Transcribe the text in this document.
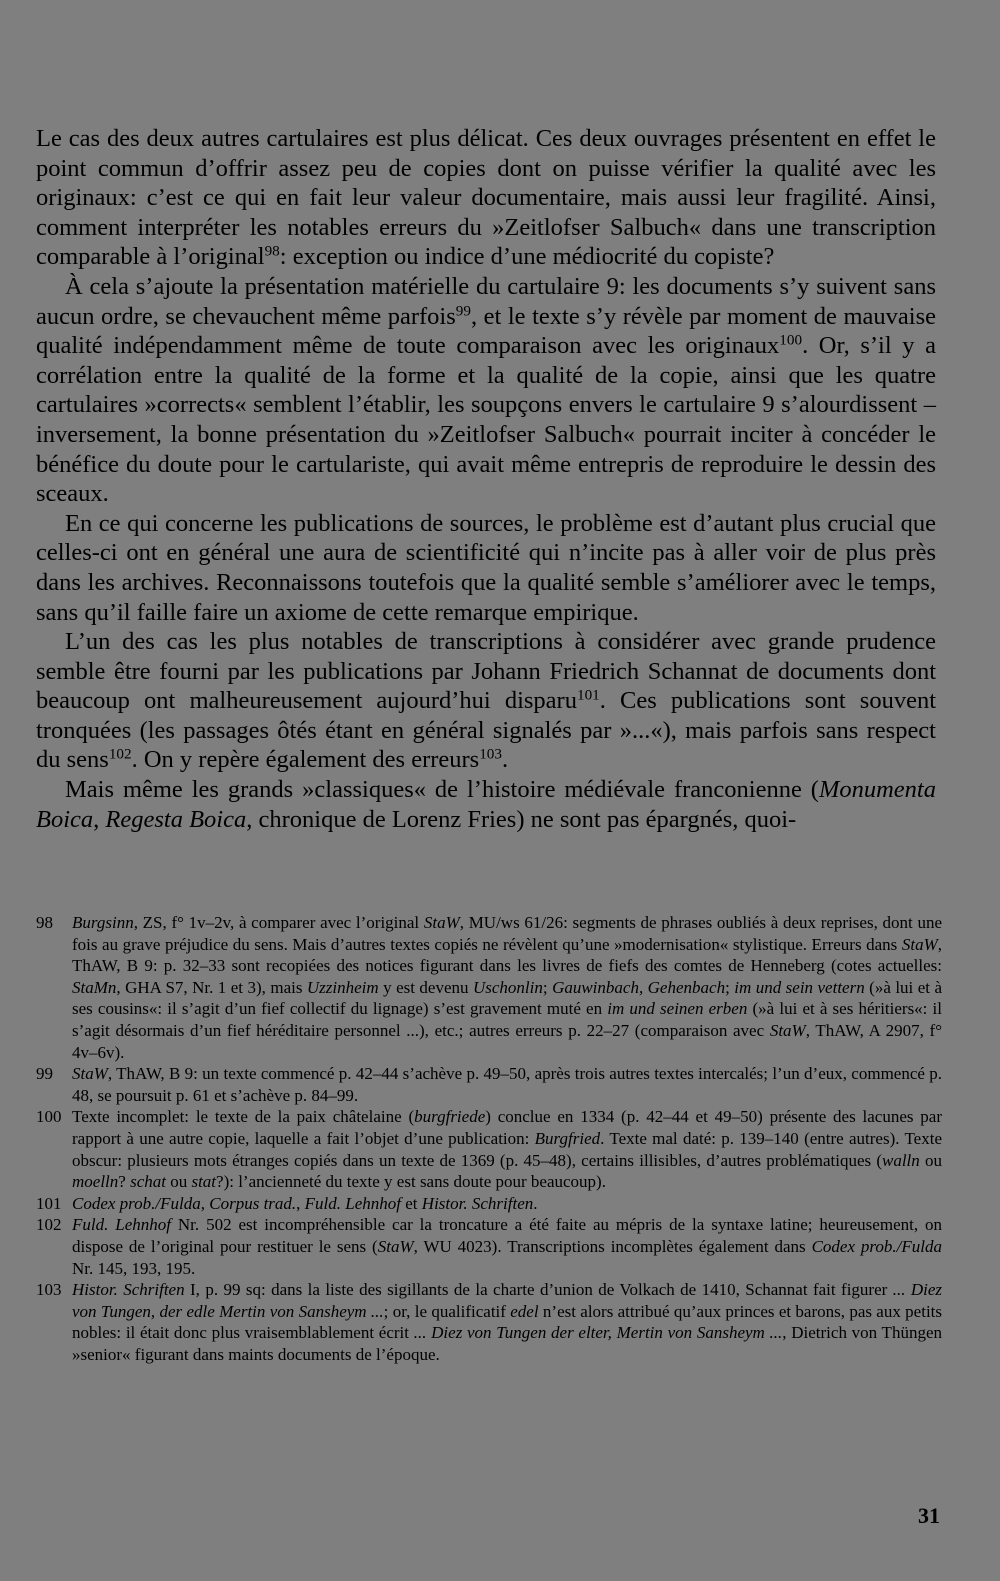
Le cas des deux autres cartulaires est plus délicat. Ces deux ouvrages présentent en effet le point commun d’offrir assez peu de copies dont on puisse vérifier la qualité avec les originaux: c’est ce qui en fait leur valeur documentaire, mais aussi leur fragilité. Ainsi, comment interpréter les notables erreurs du »Zeitlofser Salbuch« dans une transcription comparable à l’original$^{98}$: exception ou indice d’une médiocrité du copiste?

À cela s’ajoute la présentation matérielle du cartulaire 9: les documents s’y suivent sans aucun ordre, se chevauchent même parfois$^{99}$, et le texte s’y révèle par moment de mauvaise qualité indépendamment même de toute comparaison avec les originaux$^{100}$. Or, s’il y a corrélation entre la qualité de la forme et la qualité de la copie, ainsi que les quatre cartulaires »corrects« semblent l’établir, les soupçons envers le cartulaire 9 s’alourdissent – inversement, la bonne présentation du »Zeitlofser Salbuch« pourrait inciter à concéder le bénéfice du doute pour le cartulariste, qui avait même entrepris de reproduire le dessin des sceaux.

En ce qui concerne les publications de sources, le problème est d’autant plus crucial que celles-ci ont en général une aura de scientificité qui n’incite pas à aller voir de plus près dans les archives. Reconnaissons toutefois que la qualité semble s’améliorer avec le temps, sans qu’il faille faire un axiome de cette remarque empirique.

L’un des cas les plus notables de transcriptions à considérer avec grande prudence semble être fourni par les publications par Johann Friedrich Schannat de documents dont beaucoup ont malheureusement aujourd’hui disparu$^{101}$. Ces publications sont souvent tronquées (les passages ôtés étant en général signalés par »...«), mais parfois sans respect du sens$^{102}$. On y repère également des erreurs$^{103}$.

Mais même les grands »classiques« de l’histoire médiévale franconienne (Monumenta Boica, Regesta Boica, chronique de Lorenz Fries) ne sont pas épargnés, quoi-

98	Burgsinn, ZS, f° 1v–2v, à comparer avec l’original StaW, MU/ws 61/26: segments de phrases oubliés à deux reprises, dont une fois au grave préjudice du sens. Mais d’autres textes copiés ne révèlent qu’une »modernisation« stylistique. Erreurs dans StaW, ThAW, B 9: p. 32–33 sont recopiées des notices figurant dans les livres de fiefs des comtes de Henneberg (cotes actuelles: StaMn, GHA S7, Nr. 1 et 3), mais Uzzinheim y est devenu Uschonlin; Gauwinbach, Gehenbach; im und sein vettern (»à lui et à ses cousins«: il s’agit d’un fief collectif du lignage) s’est gravement muté en im und seinen erben (»à lui et à ses héritiers«: il s’agit désormais d’un fief héréditaire personnel ...), etc.; autres erreurs p. 22–27 (comparaison avec StaW, ThAW, A 2907, f° 4v–6v).
99	StaW, ThAW, B 9: un texte commencé p. 42–44 s’achève p. 49–50, après trois autres textes intercalés; l’un d’eux, commencé p. 48, se poursuit p. 61 et s’achève p. 84–99.
100 Texte incomplet: le texte de la paix châtelaine (burgfriede) conclue en 1334 (p. 42–44 et 49–50) présente des lacunes par rapport à une autre copie, laquelle a fait l’objet d’une publication: Burgfried. Texte mal daté: p. 139–140 (entre autres). Texte obscur: plusieurs mots étranges copiés dans un texte de 1369 (p. 45–48), certains illisibles, d’autres problématiques (walln ou moelln? schat ou stat?): l’ancienneté du texte y est sans doute pour beaucoup).
101 Codex prob./Fulda, Corpus trad., Fuld. Lehnhof et Histor. Schriften.
102 Fuld. Lehnhof Nr. 502 est incompréhensible car la troncature a été faite au mépris de la syntaxe latine; heureusement, on dispose de l’original pour restituer le sens (StaW, WU 4023). Transcriptions incomplètes également dans Codex prob./Fulda Nr. 145, 193, 195.
103 Histor. Schriften I, p. 99 sq: dans la liste des sigillants de la charte d’union de Volkach de 1410, Schannat fait figurer ... Diez von Tungen, der edle Mertin von Sansheym ...; or, le qualificatif edel n’est alors attribué qu’aux princes et barons, pas aux petits nobles: il était donc plus vraisemblablement écrit ... Diez von Tungen der elter, Mertin von Sansheym ..., Dietrich von Thüngen »senior« figurant dans maints documents de l’époque.
31
